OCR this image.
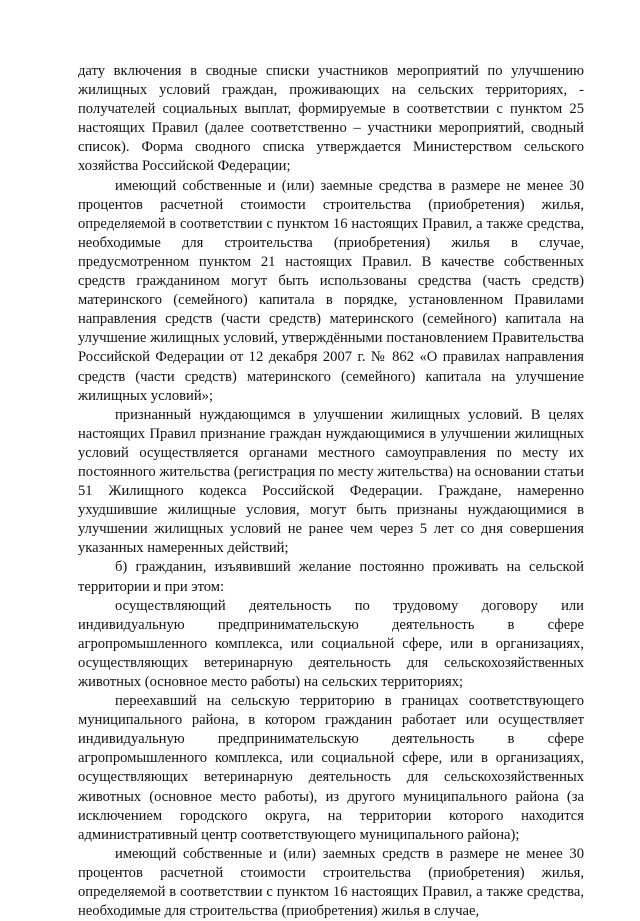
дату включения в сводные списки участников мероприятий по улучшению жилищных условий граждан, проживающих на сельских территориях, - получателей социальных выплат, формируемые в соответствии с пунктом 25 настоящих Правил (далее соответственно – участники мероприятий, сводный список). Форма сводного списка утверждается Министерством сельского хозяйства Российской Федерации;

имеющий собственные и (или) заемные средства в размере не менее 30 процентов расчетной стоимости строительства (приобретения) жилья, определяемой в соответствии с пунктом 16 настоящих Правил, а также средства, необходимые для строительства (приобретения) жилья в случае, предусмотренном пунктом 21 настоящих Правил. В качестве собственных средств гражданином могут быть использованы средства (часть средств) материнского (семейного) капитала в порядке, установленном Правилами направления средств (части средств) материнского (семейного) капитала на улучшение жилищных условий, утверждёнными постановлением Правительства Российской Федерации от 12 декабря 2007 г. № 862 «О правилах направления средств (части средств) материнского (семейного) капитала на улучшение жилищных условий»;

признанный нуждающимся в улучшении жилищных условий. В целях настоящих Правил признание граждан нуждающимися в улучшении жилищных условий осуществляется органами местного самоуправления по месту их постоянного жительства (регистрация по месту жительства) на основании статьи 51 Жилищного кодекса Российской Федерации. Граждане, намеренно ухудшившие жилищные условия, могут быть признаны нуждающимися в улучшении жилищных условий не ранее чем через 5 лет со дня совершения указанных намеренных действий;

б) гражданин, изъявивший желание постоянно проживать на сельской территории и при этом:

осуществляющий деятельность по трудовому договору или индивидуальную предпринимательскую деятельность в сфере агропромышленного комплекса, или социальной сфере, или в организациях, осуществляющих ветеринарную деятельность для сельскохозяйственных животных (основное место работы) на сельских территориях;

переехавший на сельскую территорию в границах соответствующего муниципального района, в котором гражданин работает или осуществляет индивидуальную предпринимательскую деятельность в сфере агропромышленного комплекса, или социальной сфере, или в организациях, осуществляющих ветеринарную деятельность для сельскохозяйственных животных (основное место работы), из другого муниципального района (за исключением городского округа, на территории которого находится административный центр соответствующего муниципального района);

имеющий собственные и (или) заемных средств в размере не менее 30 процентов расчетной стоимости строительства (приобретения) жилья, определяемой в соответствии с пунктом 16 настоящих Правил, а также средства, необходимые для строительства (приобретения) жилья в случае,
